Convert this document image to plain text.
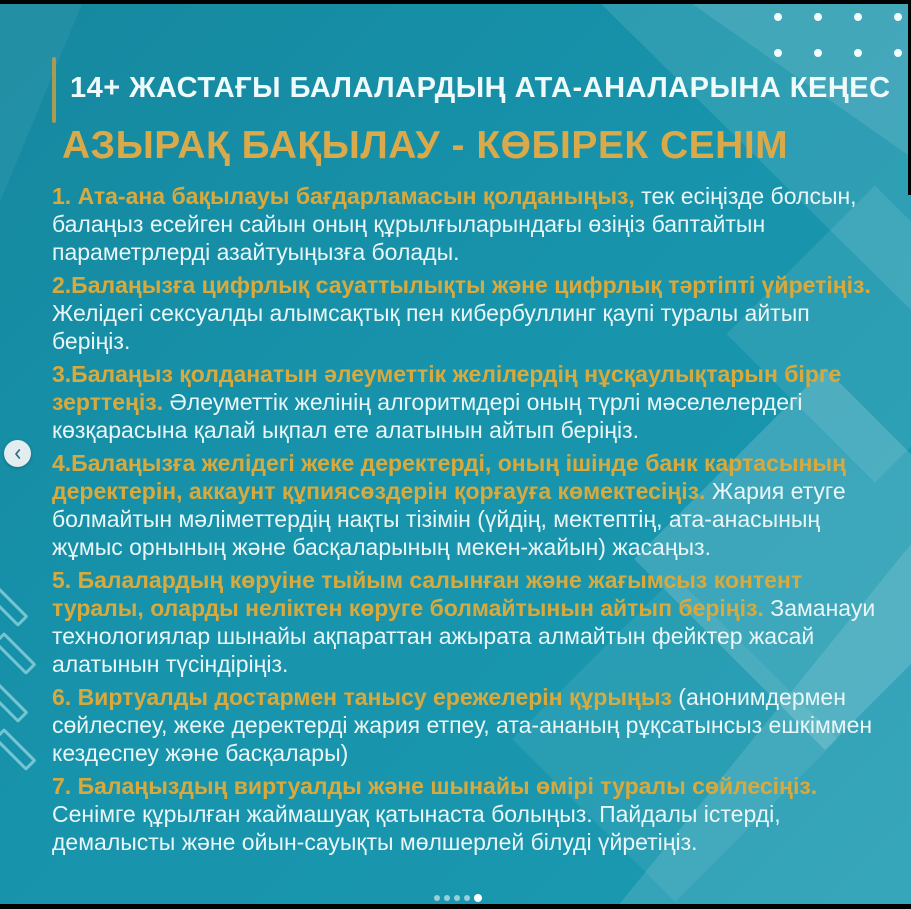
14+ ЖАСТАҒЫ БАЛАЛАРДЫҢ АТА-АНАЛАРЫНА КЕҢЕС
АЗЫРАҚ БАҚЫЛАУ - КӨБІРЕК СЕНІМ

1. Ата-ана бақылауы бағдарламасын қолданыңыз, тек есіңізде болсын, балаңыз есейген сайын оның құрылғыларындағы өзіңіз баптайтын параметрлерді азайтуыңызға болады.

2.Балаңызға цифрлық сауаттылықты және цифрлық тәртіпті үйретіңіз. Желідегі сексуалды алымсақтық пен кибербуллинг қаупі туралы айтып беріңіз.

3.Балаңыз қолданатын әлеуметтік желілердің нұсқаулықтарын бірге зерттеңіз. Әлеуметтік желінің алгоритмдері оның түрлі мәселелердегі көзқарасына қалай ықпал ете алатынын айтып беріңіз.

4.Балаңызға желідегі жеке деректерді, оның ішінде банк картасының деректерін, аккаунт құпиясөздерін қорғауға көмектесіңіз. Жария етуге болмайтын мәліметтердің нақты тізімін (үйдің, мектептің, ата-анасының жұмыс орнының және басқаларының мекен-жайын) жасаңыз.

5. Балалардың көруіне тыйым салынған және жағымсыз контент туралы, оларды неліктен көруге болмайтынын айтып беріңіз. Заманауи технологиялар шынайы ақпараттан ажырата алмайтын фейктер жасай алатынын түсіндіріңіз.

6. Виртуалды достармен танысу ережелерін құрыңыз (анонимдермен сөйлеспеу, жеке деректерді жария етпеу, ата-ананың рұқсатынсыз ешкіммен кездеспеу және басқалары)

7. Балаңыздың виртуалды және шынайы өмірі туралы сөйлесіңіз. Сенімге құрылған жаймашуақ қатынаста болыңыз. Пайдалы істерді, демалысты және ойын-сауықты мөлшерлей білуді үйретіңіз.
